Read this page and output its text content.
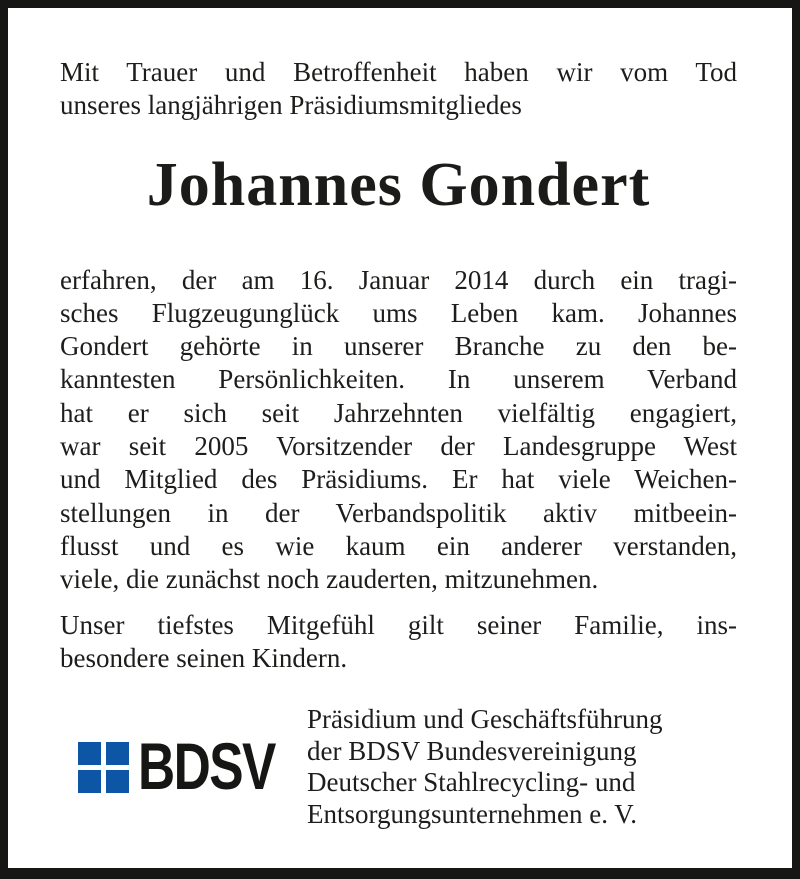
Mit Trauer und Betroffenheit haben wir vom Tod
unseres langjährigen Präsidiumsmitgliedes
Johannes Gondert
erfahren, der am 16. Januar 2014 durch ein tragi-
sches Flugzeugunglück ums Leben kam. Johannes
Gondert gehörte in unserer Branche zu den be-
kanntesten Persönlichkeiten. In unserem Verband
hat er sich seit Jahrzehnten vielfältig engagiert,
war seit 2005 Vorsitzender der Landesgruppe West
und Mitglied des Präsidiums. Er hat viele Weichen-
stellungen in der Verbandspolitik aktiv mitbeein-
flusst und es wie kaum ein anderer verstanden,
viele, die zunächst noch zauderten, mitzunehmen.
Unser tiefstes Mitgefühl gilt seiner Familie, ins-
besondere seinen Kindern.
BDSV
Präsidium und Geschäftsführung
der BDSV Bundesvereinigung
Deutscher Stahlrecycling- und
Entsorgungsunternehmen e. V.
